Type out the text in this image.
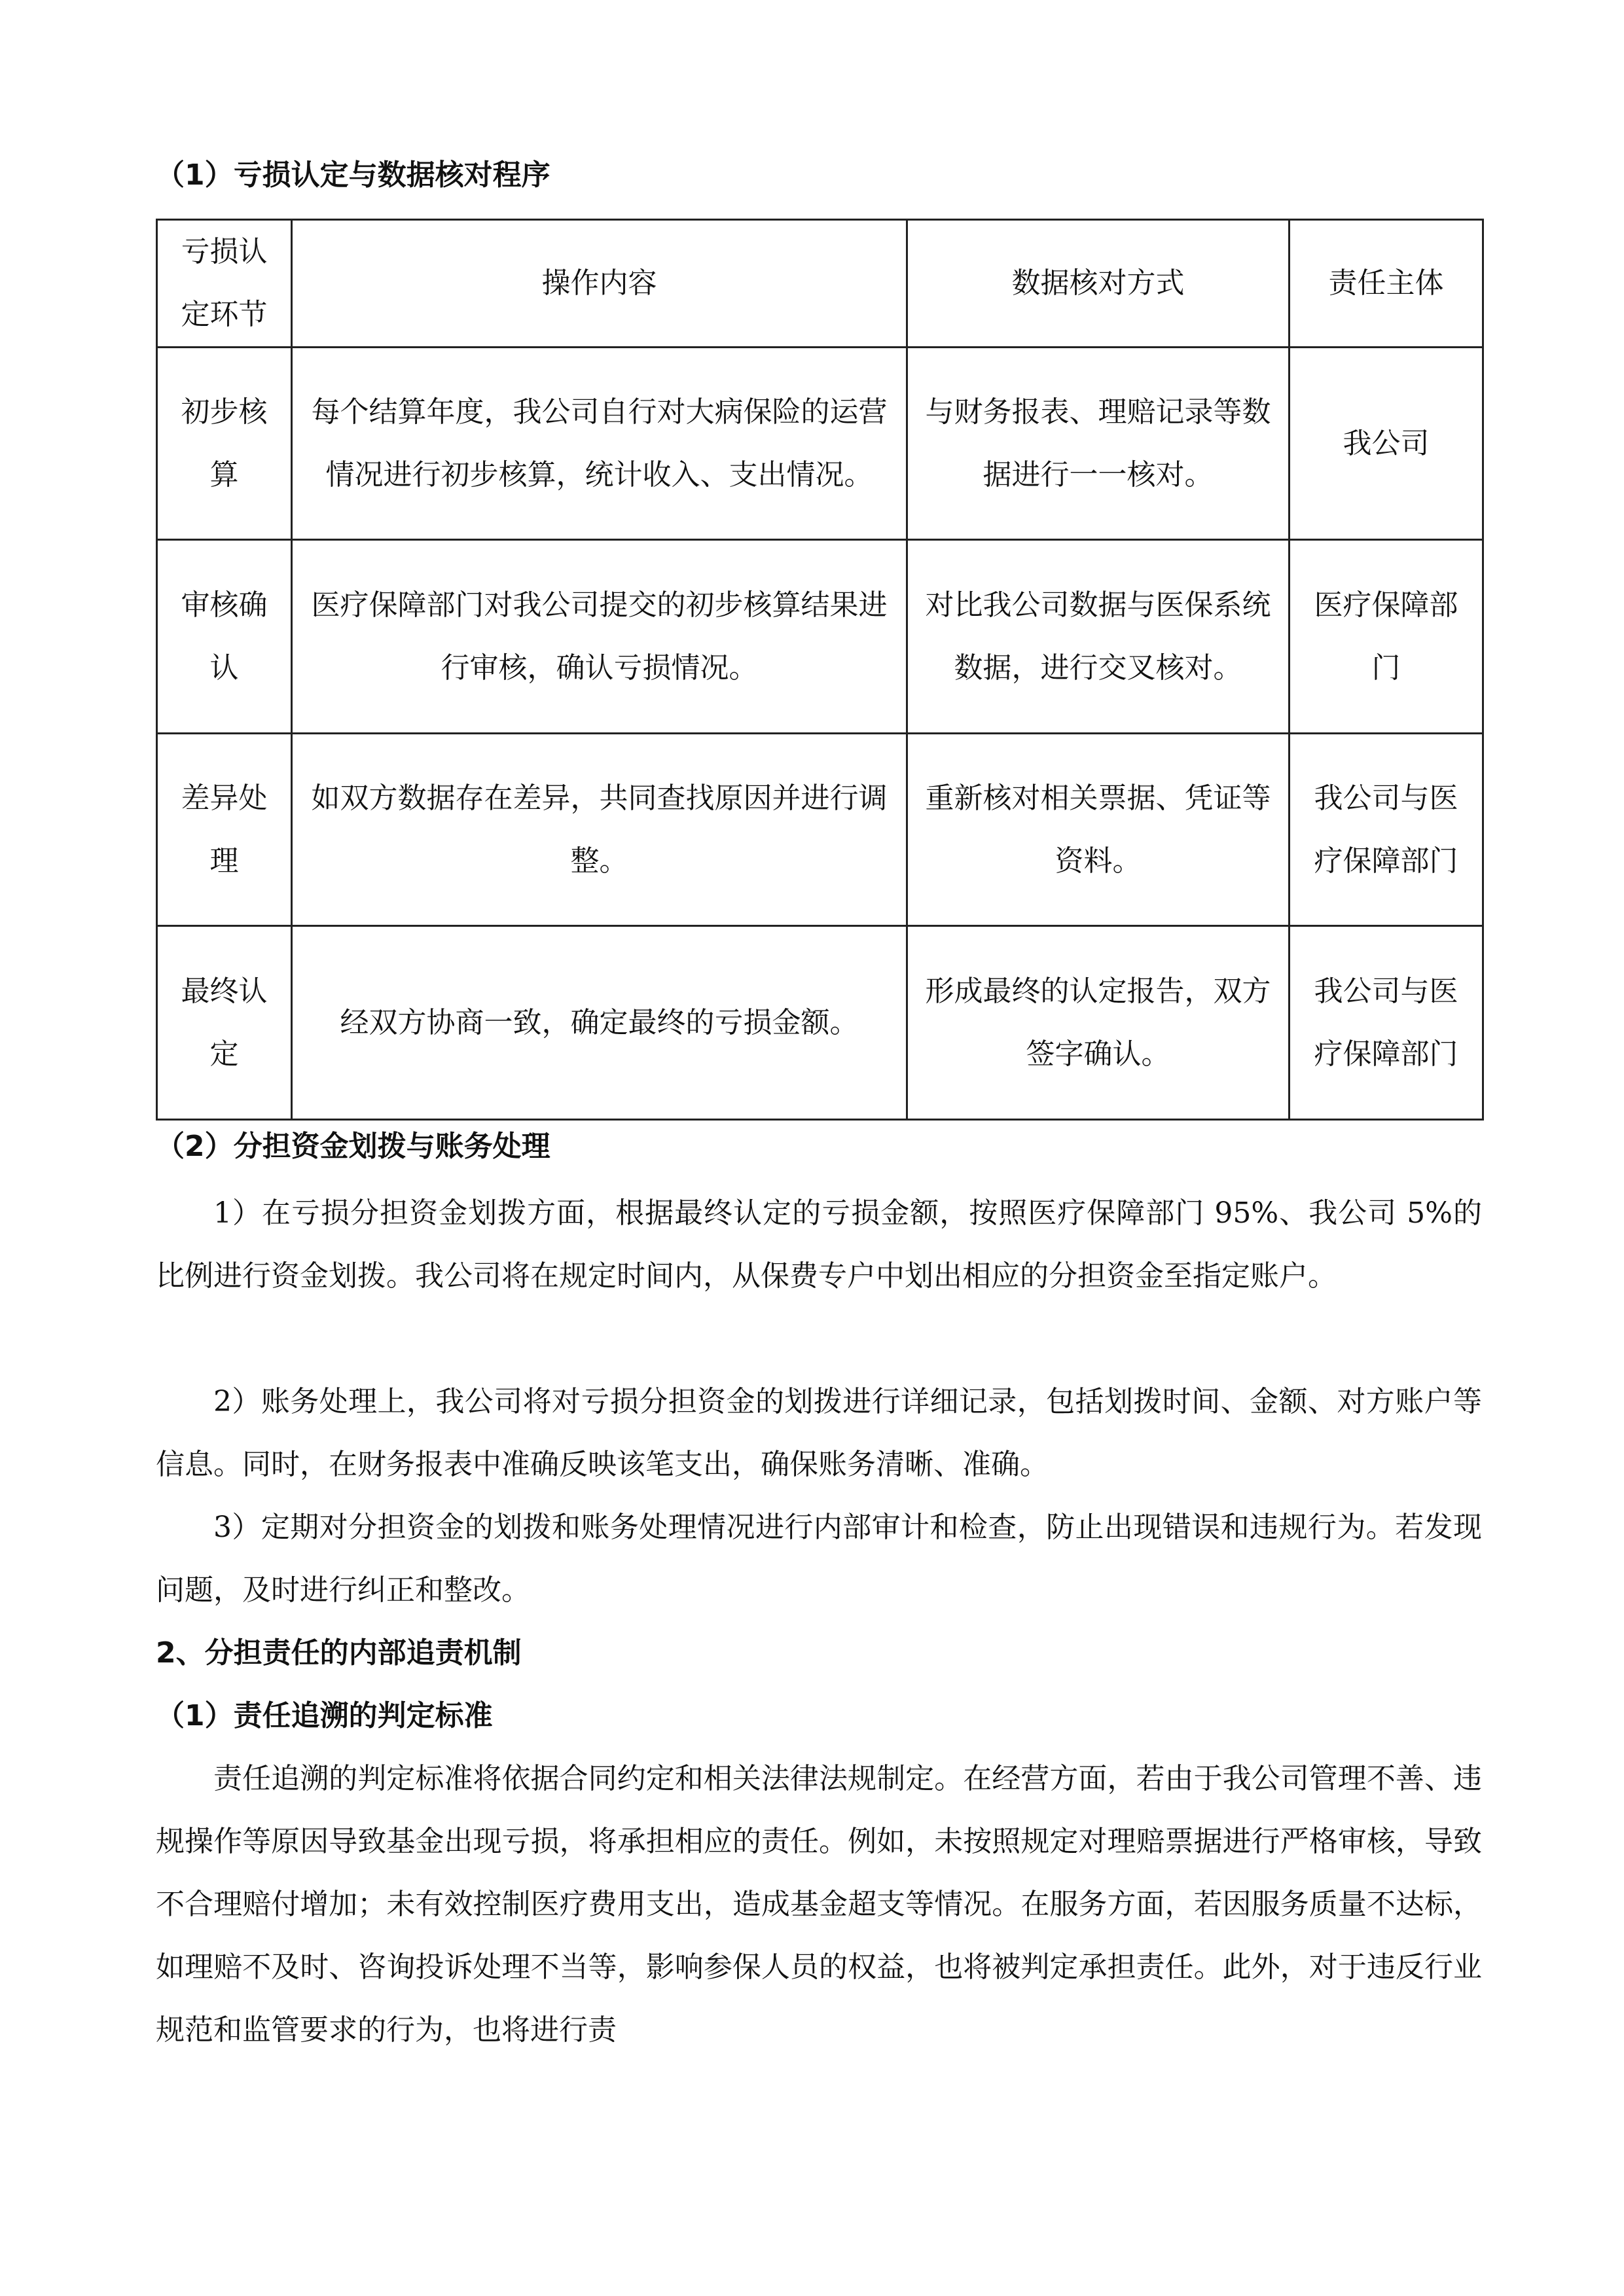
（1）亏损认定与数据核对程序
亏损认定环节	操作内容	数据核对方式	责任主体
初步核算	每个结算年度，我公司自行对大病保险的运营情况进行初步核算，统计收入、支出情况。	与财务报表、理赔记录等数据进行一一核对。	我公司
审核确认	医疗保障部门对我公司提交的初步核算结果进行审核，确认亏损情况。	对比我公司数据与医保系统数据，进行交叉核对。	医疗保障部门
差异处理	如双方数据存在差异，共同查找原因并进行调整。	重新核对相关票据、凭证等资料。	我公司与医疗保障部门
最终认定	经双方协商一致，确定最终的亏损金额。	形成最终的认定报告，双方签字确认。	我公司与医疗保障部门
（2）分担资金划拨与账务处理

1）在亏损分担资金划拨方面，根据最终认定的亏损金额，按照医疗保障部门 95%、我公司 5%的比例进行资金划拨。我公司将在规定时间内，从保费专户中划出相应的分担资金至指定账户。

2）账务处理上，我公司将对亏损分担资金的划拨进行详细记录，包括划拨时间、金额、对方账户等信息。同时，在财务报表中准确反映该笔支出，确保账务清晰、准确。

3）定期对分担资金的划拨和账务处理情况进行内部审计和检查，防止出现错误和违规行为。若发现问题，及时进行纠正和整改。

2、分担责任的内部追责机制
（1）责任追溯的判定标准

责任追溯的判定标准将依据合同约定和相关法律法规制定。在经营方面，若由于我公司管理不善、违规操作等原因导致基金出现亏损，将承担相应的责任。例如，未按照规定对理赔票据进行严格审核，导致不合理赔付增加；未有效控制医疗费用支出，造成基金超支等情况。在服务方面，若因服务质量不达标，如理赔不及时、咨询投诉处理不当等，影响参保人员的权益，也将被判定承担责任。此外，对于违反行业规范和监管要求的行为，也将进行责
